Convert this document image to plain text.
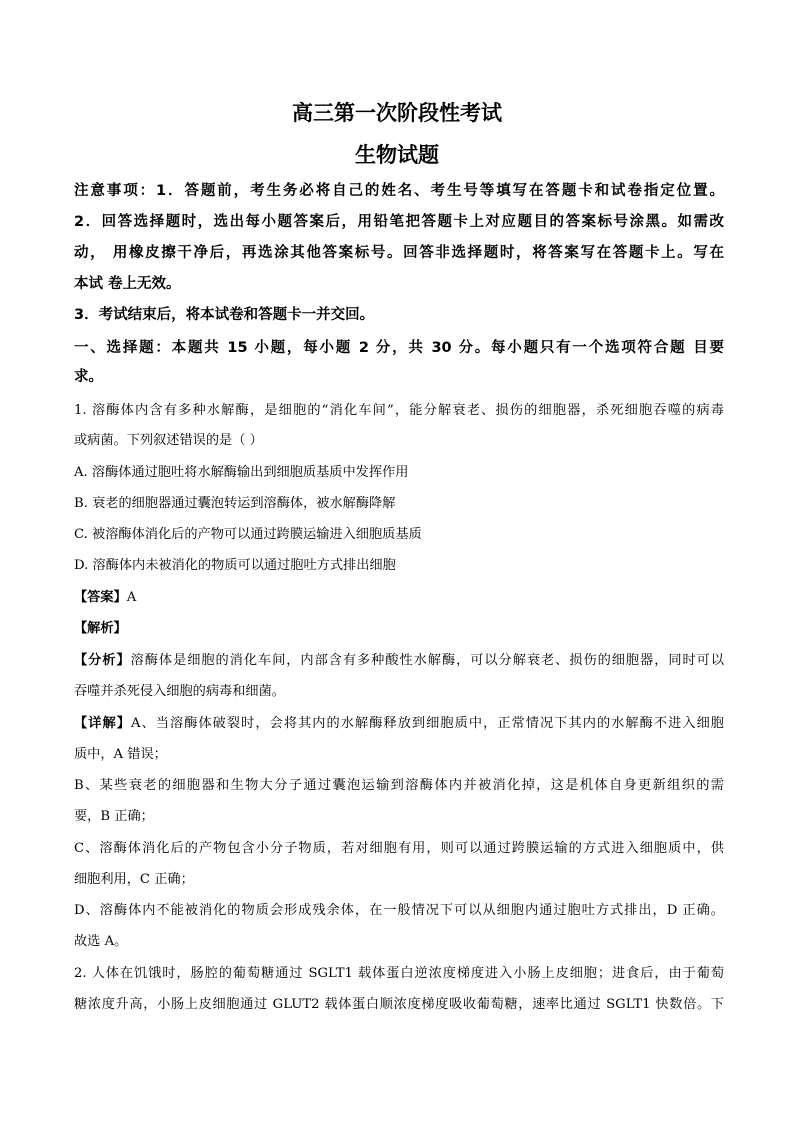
高三第一次阶段性考试
生物试题
注意事项：1．答题前，考生务必将自己的姓名、考生号等填写在答题卡和试卷指定位置。
2．回答选择题时，选出每小题答案后，用铅笔把答题卡上对应题目的答案标号涂黑。如需改
动， 用橡皮擦干净后，再选涂其他答案标号。回答非选择题时，将答案写在答题卡上。写在
本试 卷上无效。
3．考试结束后，将本试卷和答题卡一并交回。
一、选择题：本题共 15 小题，每小题 2 分，共 30 分。每小题只有一个选项符合题 目要
求。
1. 溶酶体内含有多种水解酶，是细胞的“消化车间”，能分解衰老、损伤的细胞器，杀死细胞吞噬的病毒
或病菌。下列叙述错误的是（ ）
A. 溶酶体通过胞吐将水解酶输出到细胞质基质中发挥作用
B. 衰老的细胞器通过囊泡转运到溶酶体，被水解酶降解
C. 被溶酶体消化后的产物可以通过跨膜运输进入细胞质基质
D. 溶酶体内未被消化的物质可以通过胞吐方式排出细胞
【答案】A
【解析】
【分析】溶酶体是细胞的消化车间，内部含有多种酸性水解酶，可以分解衰老、损伤的细胞器，同时可以
吞噬并杀死侵入细胞的病毒和细菌。
【详解】A、当溶酶体破裂时，会将其内的水解酶释放到细胞质中，正常情况下其内的水解酶不进入细胞
质中，A 错误；
B、某些衰老的细胞器和生物大分子通过囊泡运输到溶酶体内并被消化掉，这是机体自身更新组织的需
要，B 正确；
C、溶酶体消化后的产物包含小分子物质，若对细胞有用，则可以通过跨膜运输的方式进入细胞质中，供
细胞利用，C 正确；
D、溶酶体内不能被消化的物质会形成残余体，在一般情况下可以从细胞内通过胞吐方式排出，D 正确。
故选 A。
2. 人体在饥饿时，肠腔的葡萄糖通过 SGLT1 载体蛋白逆浓度梯度进入小肠上皮细胞；进食后，由于葡萄
糖浓度升高，小肠上皮细胞通过 GLUT2 载体蛋白顺浓度梯度吸收葡萄糖，速率比通过 SGLT1 快数倍。下
